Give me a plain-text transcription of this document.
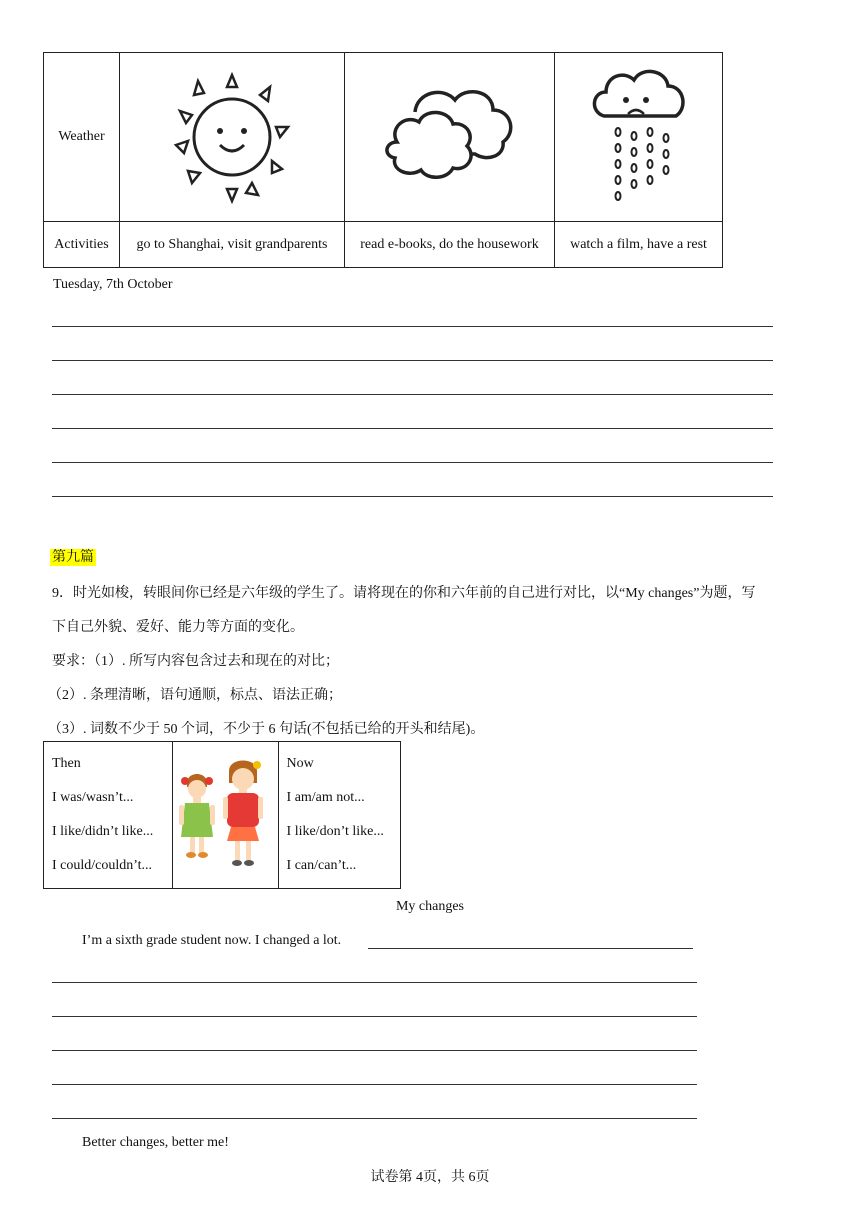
Weather			
Activities	go to Shanghai, visit grandparents	read e-books, do the housework	watch a film, have a rest
Tuesday, 7th October
第九篇
9．时光如梭，转眼间你已经是六年级的学生了。请将现在的你和六年前的自己进行对比，以“My changes”为题，写
下自己外貌、爱好、能力等方面的变化。
要求：（1）. 所写内容包含过去和现在的对比；
（2）. 条理清晰，语句通顺，标点、语法正确；
（3）. 词数不少于 50 个词，不少于 6 句话(不包括已给的开头和结尾)。
Then
I was/wasn’t...
I like/didn’t like...
I could/couldn’t...

Now
I am/am not...
I like/don’t like...
I can/can’t...
My changes
I’m a sixth grade student now. I changed a lot.
Better changes, better me!
试卷第 4页，共 6页
